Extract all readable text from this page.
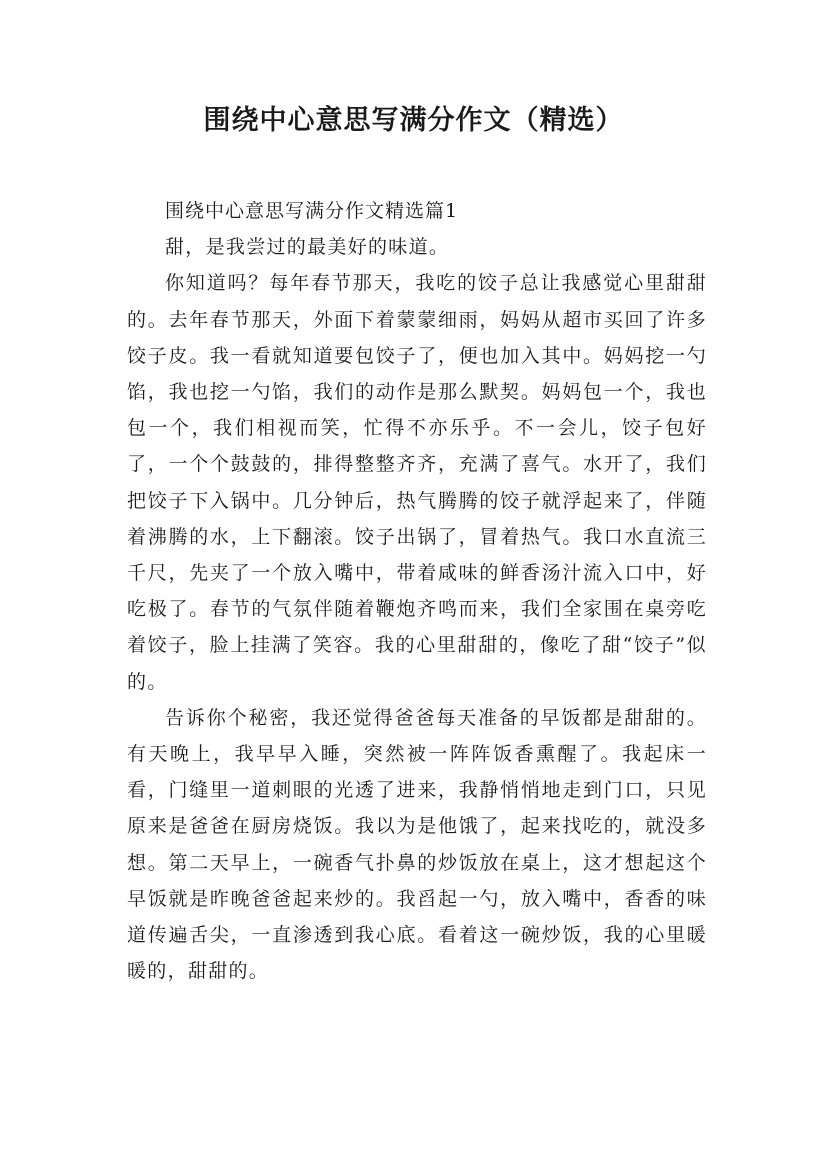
围绕中心意思写满分作文（精选）

围绕中心意思写满分作文精选篇1

甜，是我尝过的最美好的味道。

你知道吗？每年春节那天，我吃的饺子总让我感觉心里甜甜的。去年春节那天，外面下着蒙蒙细雨，妈妈从超市买回了许多饺子皮。我一看就知道要包饺子了，便也加入其中。妈妈挖一勺馅，我也挖一勺馅，我们的动作是那么默契。妈妈包一个，我也包一个，我们相视而笑，忙得不亦乐乎。不一会儿，饺子包好了，一个个鼓鼓的，排得整整齐齐，充满了喜气。水开了，我们把饺子下入锅中。几分钟后，热气腾腾的饺子就浮起来了，伴随着沸腾的水，上下翻滚。饺子出锅了，冒着热气。我口水直流三千尺，先夹了一个放入嘴中，带着咸味的鲜香汤汁流入口中，好吃极了。春节的气氛伴随着鞭炮齐鸣而来，我们全家围在桌旁吃着饺子，脸上挂满了笑容。我的心里甜甜的，像吃了甜“饺子”似的。

告诉你个秘密，我还觉得爸爸每天准备的早饭都是甜甜的。有天晚上，我早早入睡，突然被一阵阵饭香熏醒了。我起床一看，门缝里一道刺眼的光透了进来，我静悄悄地走到门口，只见原来是爸爸在厨房烧饭。我以为是他饿了，起来找吃的，就没多想。第二天早上，一碗香气扑鼻的炒饭放在桌上，这才想起这个早饭就是昨晚爸爸起来炒的。我舀起一勺，放入嘴中，香香的味道传遍舌尖，一直渗透到我心底。看着这一碗炒饭，我的心里暖暖的，甜甜的。
